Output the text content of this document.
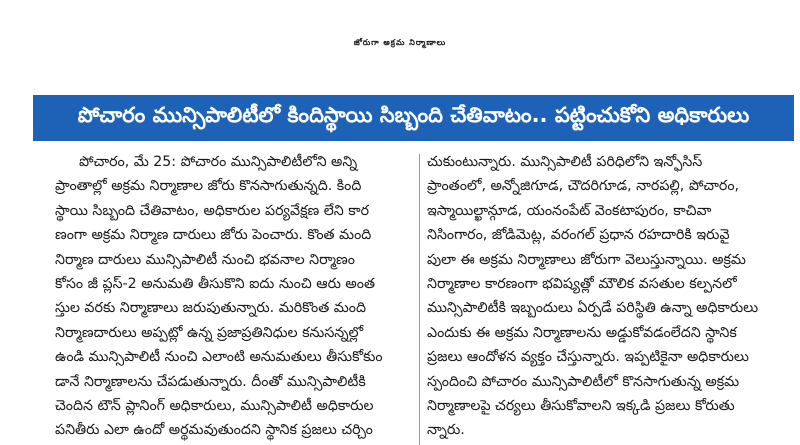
జోరుగా అక్రమ నిర్మాణాలు
పోచారం మున్సిపాలిటీలో కిందిస్థాయి సిబ్బంది చేతివాటం.. పట్టించుకోని అధికారులు
పోచారం, మే 25: పోచారం మున్సిపాలిటీలోని అన్ని
ప్రాంతాల్లో అక్రమ నిర్మాణాల జోరు కొనసాగుతున్నది. కింది
స్థాయి సిబ్బంది చేతివాటం, అధికారుల పర్యవేక్షణ లేని కార
ణంగా అక్రమ నిర్మాణ దారులు జోరు పెంచారు. కొంత మంది
నిర్మాణ దారులు మున్సిపాలిటీ నుంచి భవనాల నిర్మాణం
కోసం జీ ప్లస్-2 అనుమతి తీసుకొని ఐదు నుంచి ఆరు అంత
స్తుల వరకు నిర్మాణాలు జరుపుతున్నారు. మరికొంత మంది
నిర్మాణదారులు అప్పట్లో ఉన్న ప్రజాప్రతినిధుల కనుసన్నల్లో
ఉండి మున్సిపాలిటీ నుంచి ఎలాంటి అనుమతులు తీసుకోకుం
డానే నిర్మాణాలను చేపడుతున్నారు. దీంతో మున్సిపాలిటీకి
చెందిన టౌన్ ప్లానింగ్ అధికారులు, మున్సిపాలిటీ అధికారుల
పనితీరు ఎలా ఉందో అర్థమవుతుందని స్థానిక ప్రజలు చర్చిం
చుకుంటున్నారు. మున్సిపాలిటీ పరిధిలోని ఇన్ఫోసిస్
ప్రాంతంలో, అన్నోజిగూడ, చౌదరిగూడ, నారపల్లి, పోచారం,
ఇస్మాయిల్ఖాన్గూడ, యంనంపేట్ వెంకటాపురం, కాచివా
నిసింగారం, జోడిమెట్ల, వరంగల్ ప్రధాన రహదారికి ఇరువై
పులా ఈ అక్రమ నిర్మాణాలు జోరుగా వెలుస్తున్నాయి. అక్రమ
నిర్మాణాల కారణంగా భవిష్యత్లో మౌలిక వసతుల కల్పనలో
మున్సిపాలిటీకి ఇబ్బందులు ఏర్పడే పరిస్థితి ఉన్నా అధికారులు
ఎందుకు ఈ అక్రమ నిర్మాణాలను అడ్డుకోవడంలేదని స్థానిక
ప్రజలు ఆందోళన వ్యక్తం చేస్తున్నారు. ఇప్పటికైనా అధికారులు
స్పందించి పోచారం మున్సిపాలిటీలో కొనసాగుతున్న అక్రమ
నిర్మాణాలపై చర్యలు తీసుకోవాలని ఇక్కడి ప్రజలు కోరుతు
న్నారు.
